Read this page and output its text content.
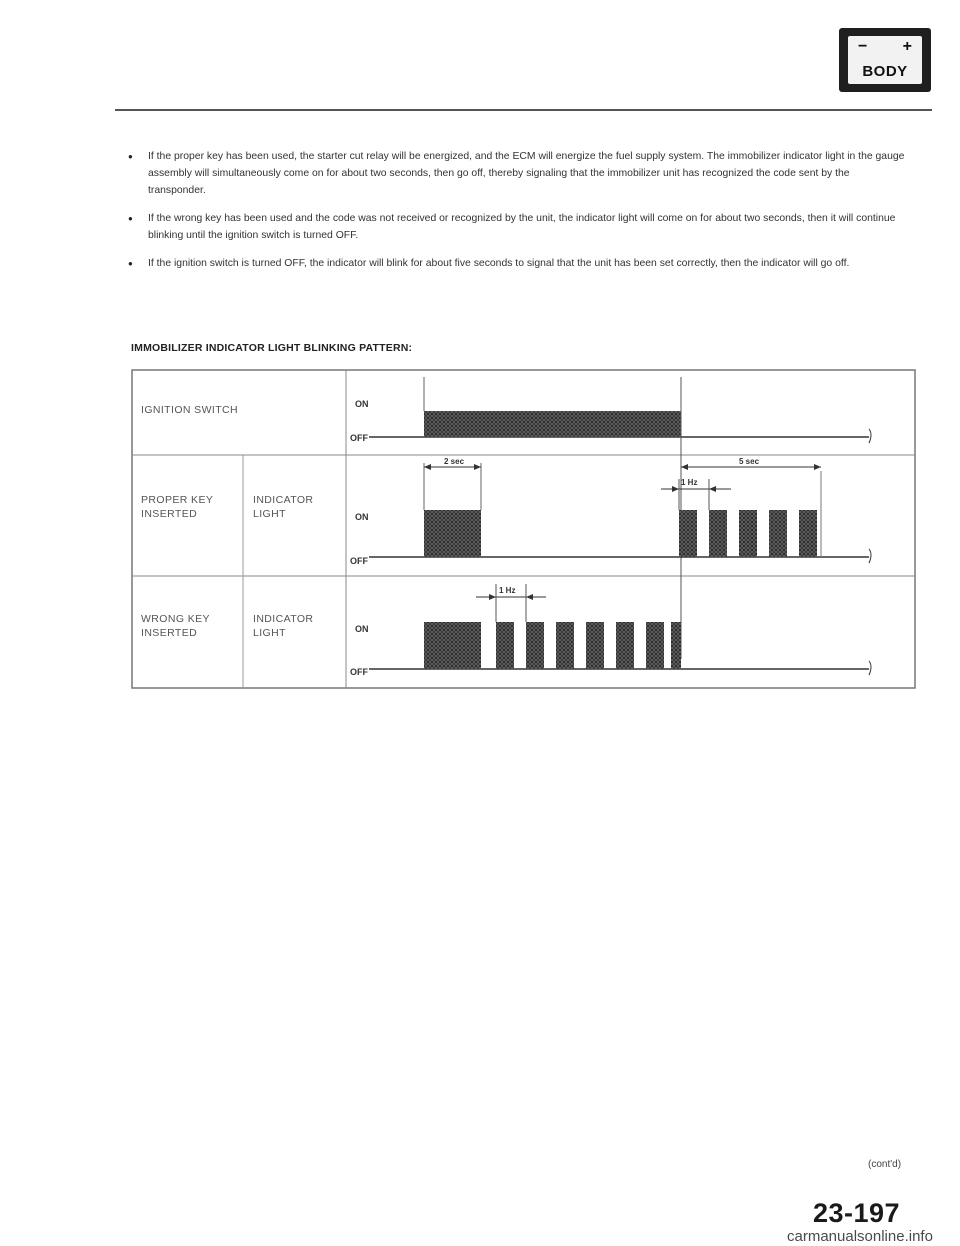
− +
BODY
● If the proper key has been used, the starter cut relay will be energized, and the ECM will energize the fuel supply system. The immobilizer indicator light in the gauge assembly will simultaneously come on for about two seconds, then go off, thereby signaling that the immobilizer unit has recognized the code sent by the transponder.
● If the wrong key has been used and the code was not received or recognized by the unit, the indicator light will come on for about two seconds, then it will continue blinking until the ignition switch is turned OFF.
● If the ignition switch is turned OFF, the indicator will blink for about five seconds to signal that the unit has been set correctly, then the indicator will go off.
IMMOBILIZER INDICATOR LIGHT BLINKING PATTERN:
IGNITION SWITCH
PROPER KEY
INSERTED
INDICATOR
LIGHT
WRONG KEY
INSERTED
INDICATOR
LIGHT
ON
OFF
ON
OFF
ON
OFF
2 sec	5 sec
1 Hz
1 Hz
(cont'd)
23-197
carmanualsonline.info
